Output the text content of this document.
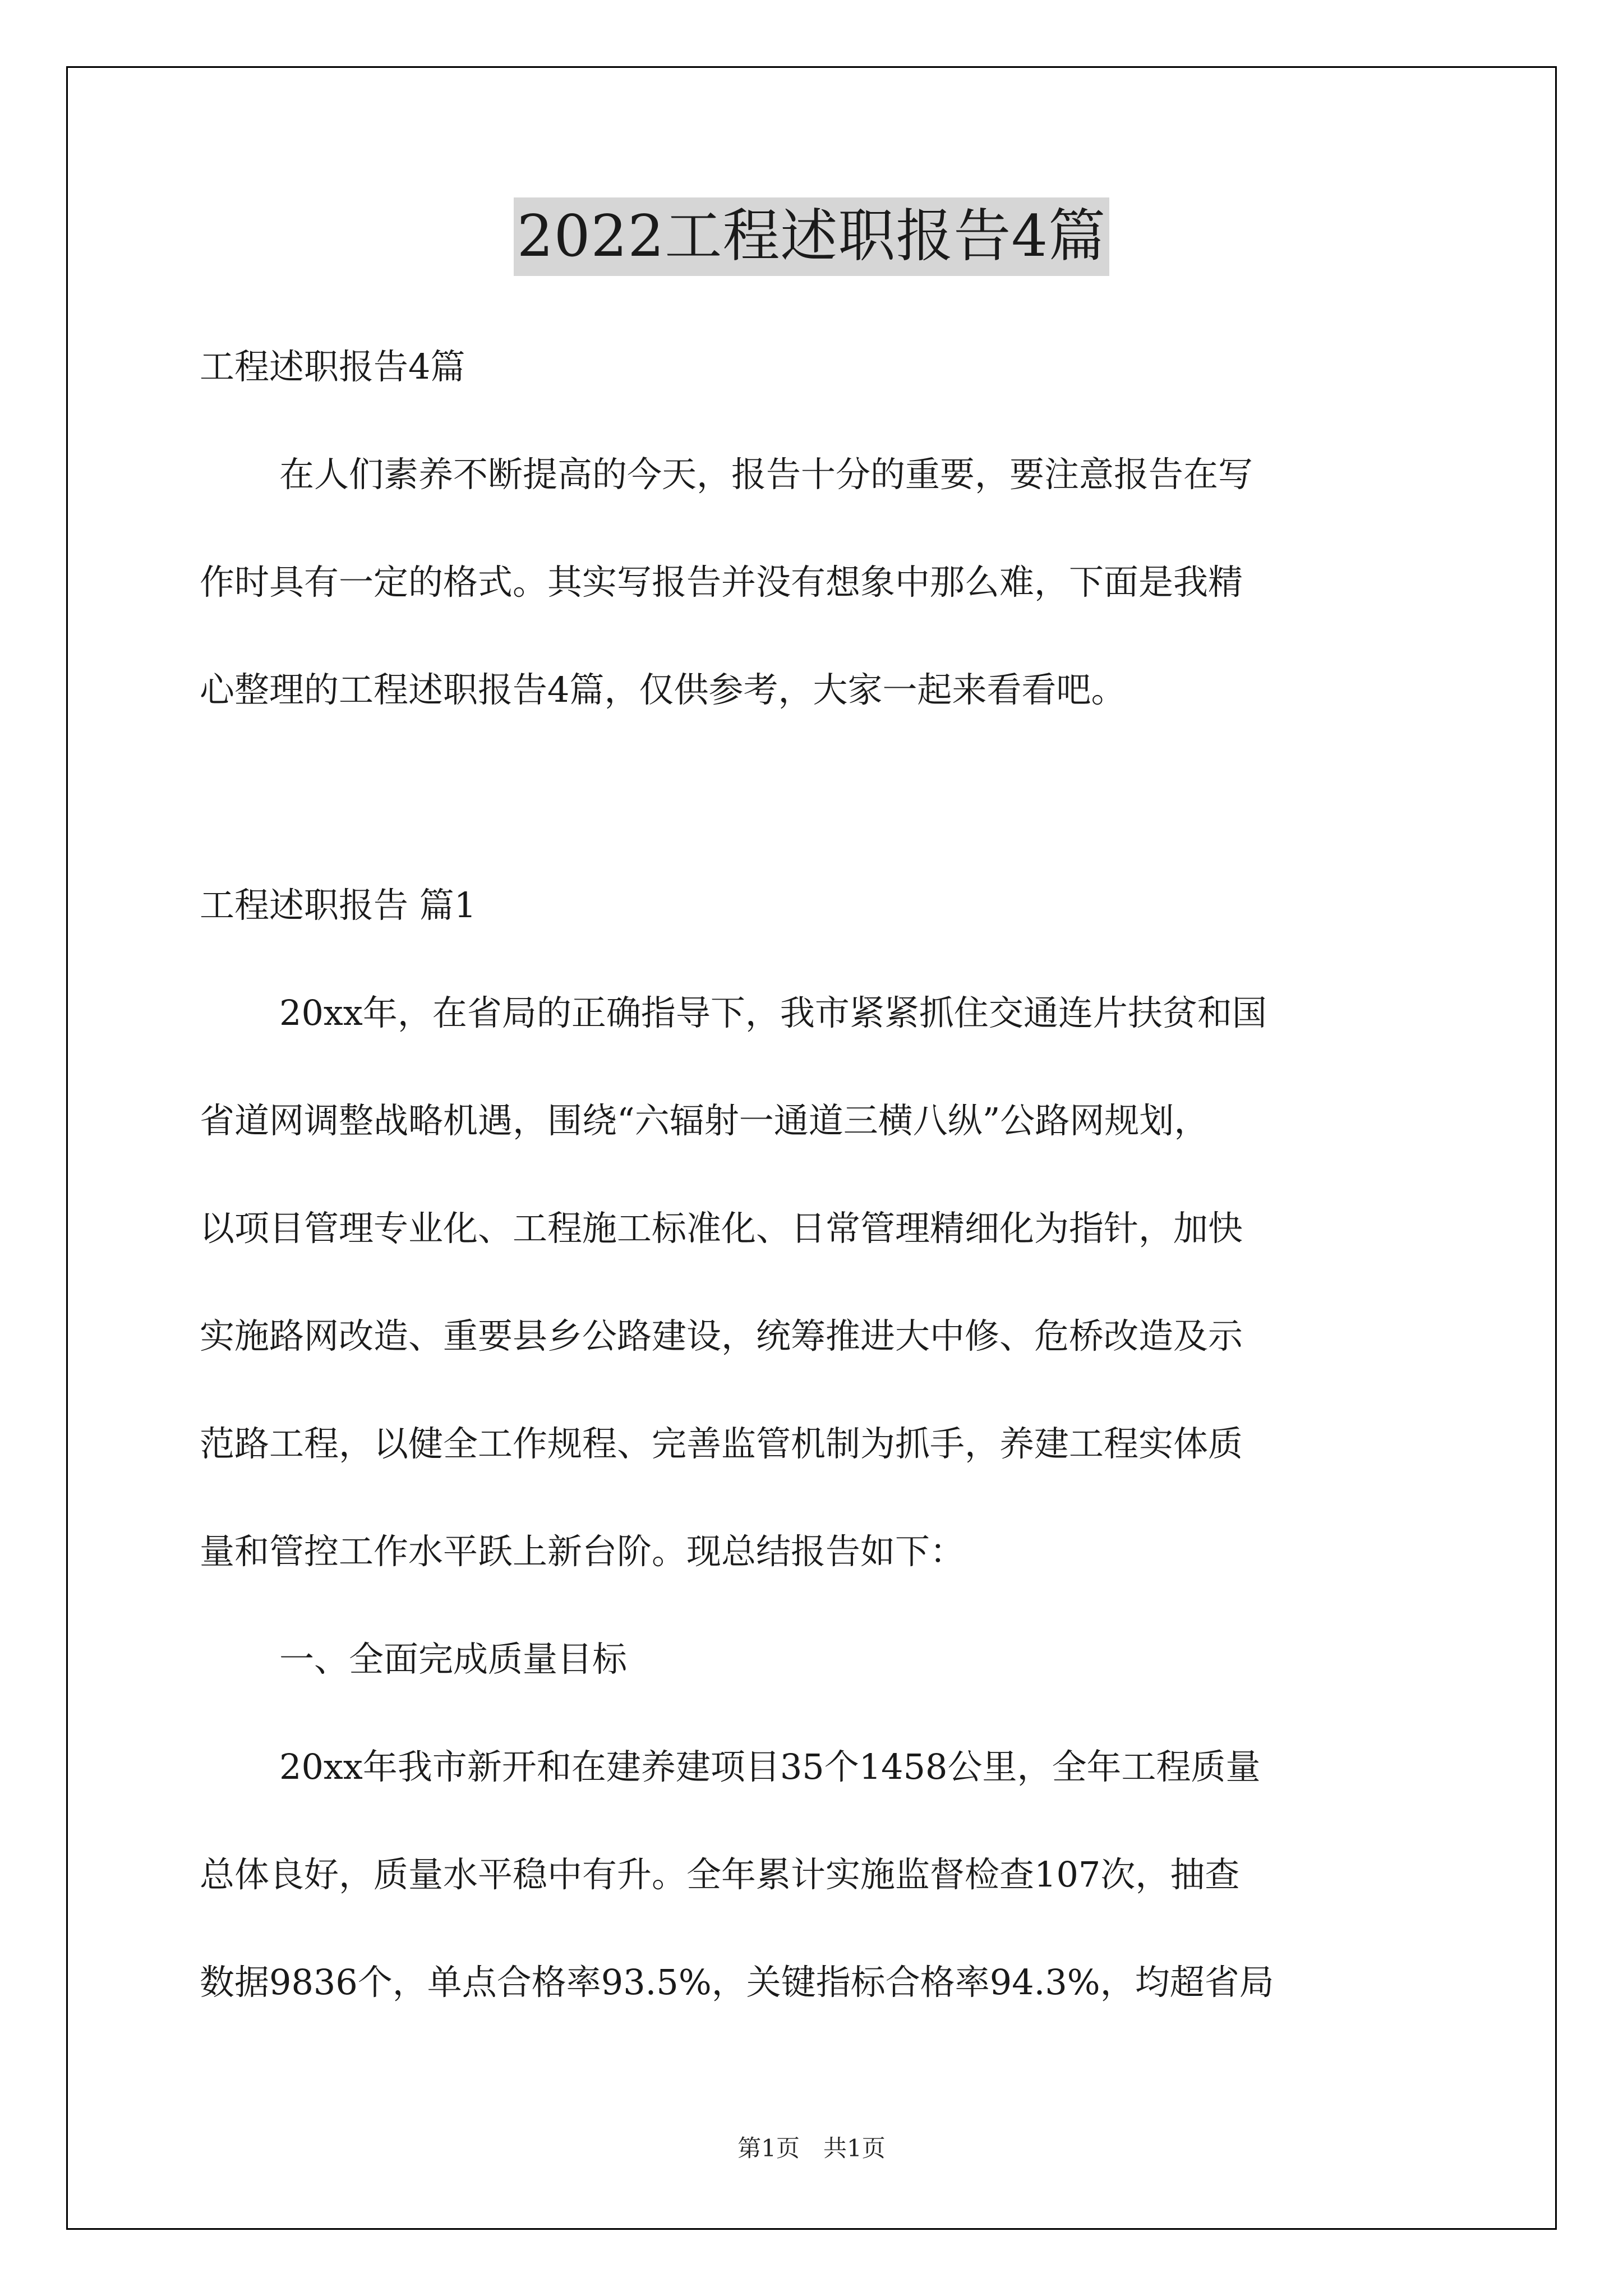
2022工程述职报告4篇
工程述职报告4篇
在人们素养不断提高的今天，报告十分的重要，要注意报告在写
作时具有一定的格式。其实写报告并没有想象中那么难，下面是我精
心整理的工程述职报告4篇，仅供参考，大家一起来看看吧。
工程述职报告 篇1
20xx年，在省局的正确指导下，我市紧紧抓住交通连片扶贫和国
省道网调整战略机遇，围绕“六辐射一通道三横八纵”公路网规划，
以项目管理专业化、工程施工标准化、日常管理精细化为指针，加快
实施路网改造、重要县乡公路建设，统筹推进大中修、危桥改造及示
范路工程，以健全工作规程、完善监管机制为抓手，养建工程实体质
量和管控工作水平跃上新台阶。现总结报告如下：
一、全面完成质量目标
20xx年我市新开和在建养建项目35个1458公里，全年工程质量
总体良好，质量水平稳中有升。全年累计实施监督检查107次，抽查
数据9836个，单点合格率93.5%，关键指标合格率94.3%，均超省局
第1页　共1页
